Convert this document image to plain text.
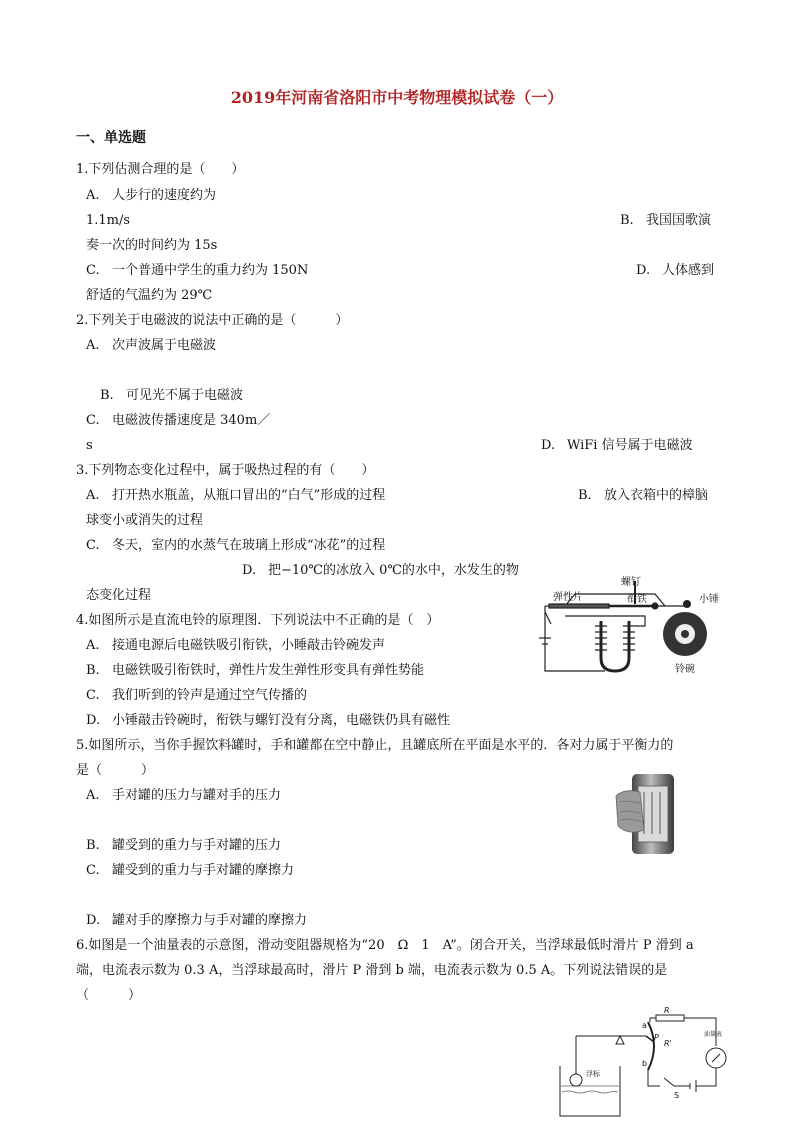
2019年河南省洛阳市中考物理模拟试卷（一）
一、单选题
1.下列估测合理的是（　　）
A. 人步行的速度约为
1.1m/s	B. 我国国歌演
奏一次的时间约为 15s
C. 一个普通中学生的重力约为 150N	D. 人体感到
舒适的气温约为 29℃
2.下列关于电磁波的说法中正确的是（　　　）
A. 次声波属于电磁波
B. 可见光不属于电磁波
C. 电磁波传播速度是 340m／
s	D. WiFi 信号属于电磁波
3.下列物态变化过程中，属于吸热过程的有（　　）
A. 打开热水瓶盖，从瓶口冒出的“白气”形成的过程	B. 放入衣箱中的樟脑
球变小或消失的过程
C. 冬天，室内的水蒸气在玻璃上形成“冰花”的过程
D. 把−10℃的冰放入 0℃的水中，水发生的物
态变化过程
4.如图所示是直流电铃的原理图．下列说法中不正确的是（　）
A. 接通电源后电磁铁吸引衔铁，小睡敲击铃碗发声
B. 电磁铁吸引衔铁时，弹性片发生弹性形变具有弹性势能
C. 我们听到的铃声是通过空气传播的
D. 小锤敲击铃碗时，衔铁与螺钉没有分离，电磁铁仍具有磁性
螺钉
弹性片	衔铁	小锤
铃碗
5.如图所示，当你手握饮料罐时，手和罐都在空中静止，且罐底所在平面是水平的．各对力属于平衡力的
是（　　　）
A. 手对罐的压力与罐对手的压力
B. 罐受到的重力与手对罐的压力
C. 罐受到的重力与手对罐的摩擦力
D. 罐对手的摩擦力与手对罐的摩擦力
6.如图是一个油量表的示意图，滑动变阻器规格为“20　Ω　1　A”。闭合开关，当浮球最低时滑片 P 滑到 a
端，电流表示数为 0.3 A，当浮球最高时，滑片 P 滑到 b 端，电流表示数为 0.5 A。下列说法错误的是
（　　　）
R
a
P
R'
b
油量表
浮标
S
